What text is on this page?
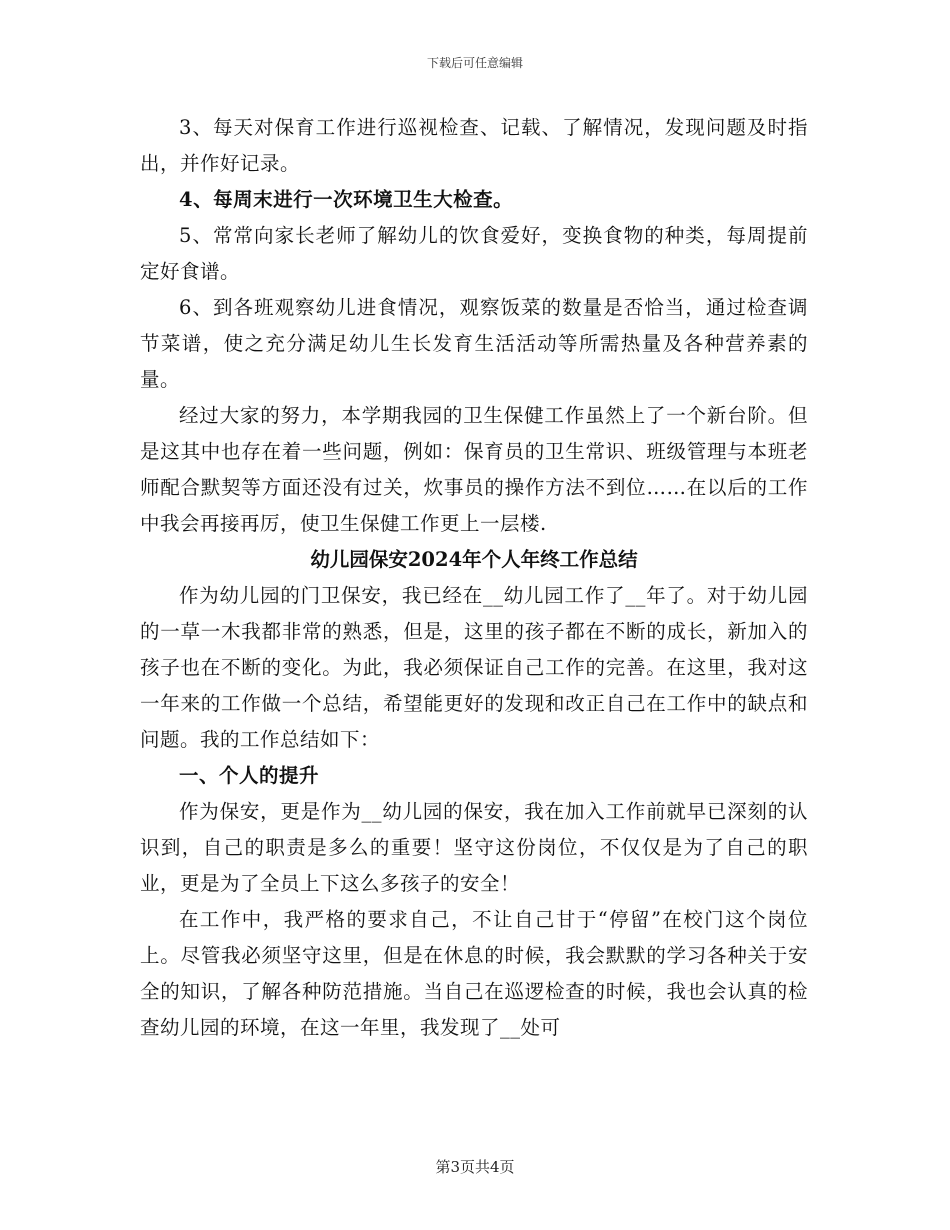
下载后可任意编辑

3、每天对保育工作进行巡视检查、记载、了解情况，发现问题及时指出，并作好记录。

4、每周末进行一次环境卫生大检查。

5、常常向家长老师了解幼儿的饮食爱好，变换食物的种类，每周提前定好食谱。

6、到各班观察幼儿进食情况，观察饭菜的数量是否恰当，通过检查调节菜谱，使之充分满足幼儿生长发育生活活动等所需热量及各种营养素的量。

经过大家的努力，本学期我园的卫生保健工作虽然上了一个新台阶。但是这其中也存在着一些问题，例如：保育员的卫生常识、班级管理与本班老师配合默契等方面还没有过关，炊事员的操作方法不到位……在以后的工作中我会再接再厉，使卫生保健工作更上一层楼.

幼儿园保安2024年个人年终工作总结

作为幼儿园的门卫保安，我已经在__幼儿园工作了__年了。对于幼儿园的一草一木我都非常的熟悉，但是，这里的孩子都在不断的成长，新加入的孩子也在不断的变化。为此，我必须保证自己工作的完善。在这里，我对这一年来的工作做一个总结，希望能更好的发现和改正自己在工作中的缺点和问题。我的工作总结如下：

一、个人的提升

作为保安，更是作为__幼儿园的保安，我在加入工作前就早已深刻的认识到，自己的职责是多么的重要！坚守这份岗位，不仅仅是为了自己的职业，更是为了全员上下这么多孩子的安全！

在工作中，我严格的要求自己，不让自己甘于“停留”在校门这个岗位上。尽管我必须坚守这里，但是在休息的时候，我会默默的学习各种关于安全的知识，了解各种防范措施。当自己在巡逻检查的时候，我也会认真的检查幼儿园的环境，在这一年里，我发现了__处可

第3页共4页
